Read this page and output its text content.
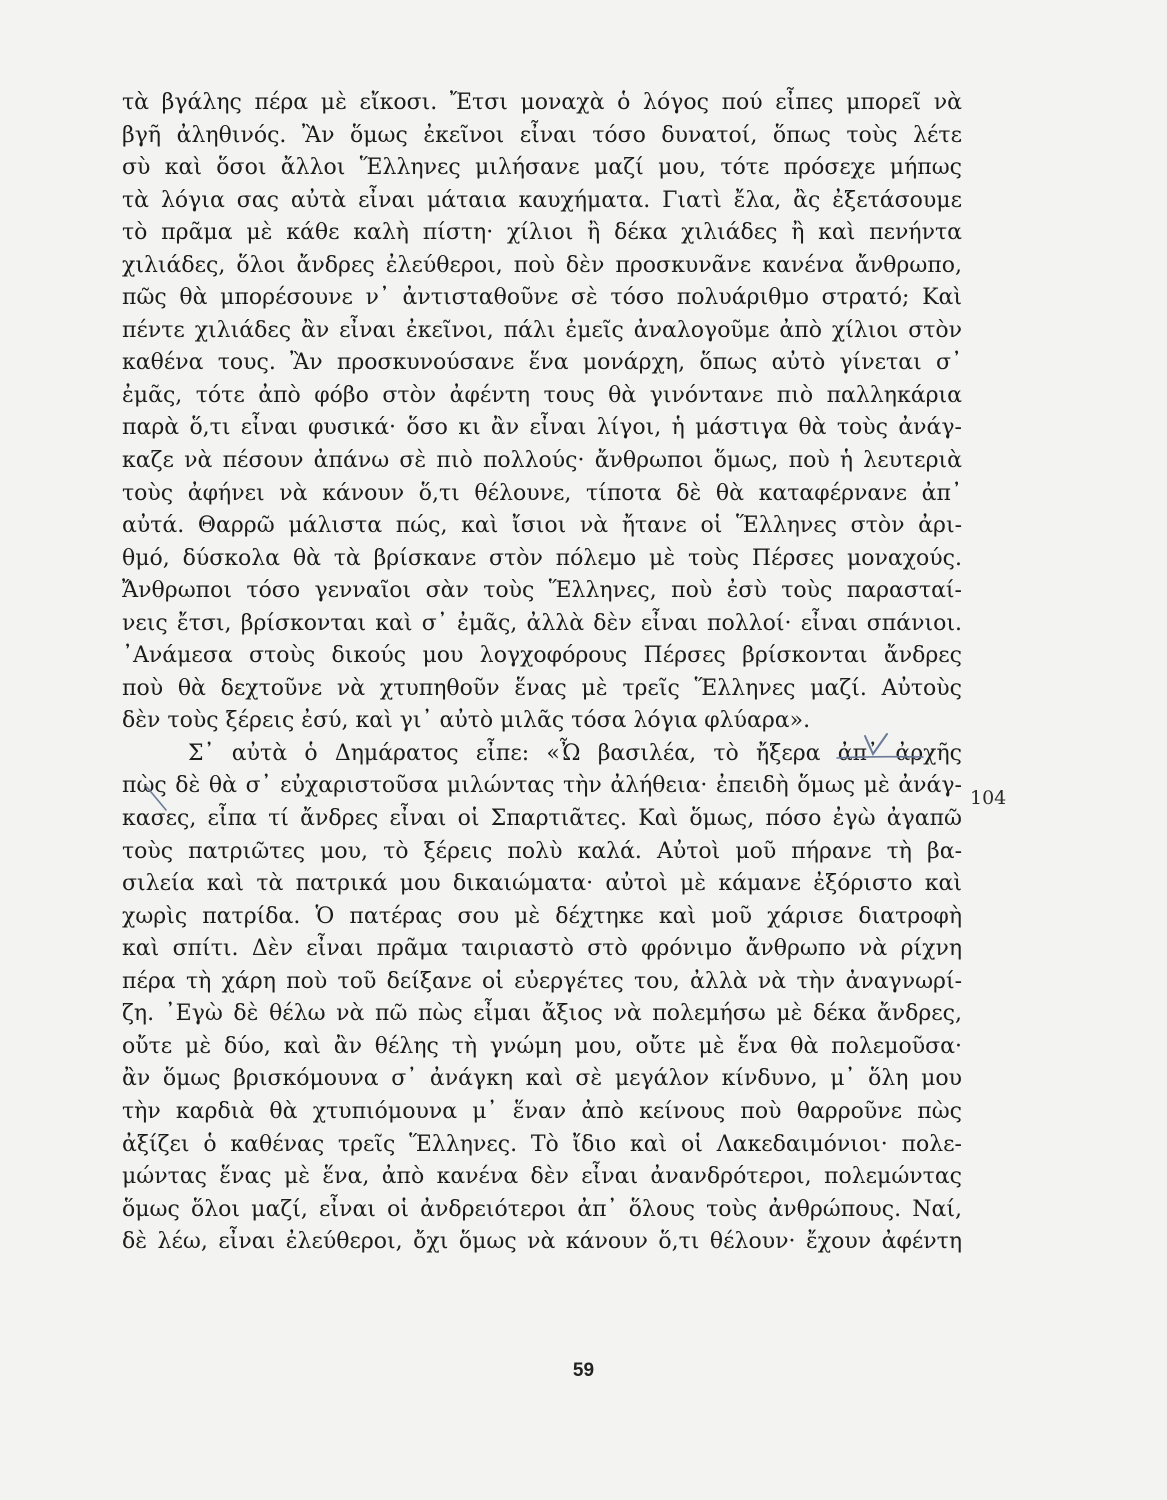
τὰ βγάλης πέρα μὲ εἴκοσι. Ἔτσι μοναχὰ ὁ λόγος πού εἶπες μπορεῖ νὰ
βγῆ ἀληθινός. Ἂν ὅμως ἐκεῖνοι εἶναι τόσο δυνατοί, ὅπως τοὺς λέτε
σὺ καὶ ὅσοι ἄλλοι Ἕλληνες μιλήσανε μαζί μου, τότε πρόσεχε μήπως
τὰ λόγια σας αὐτὰ εἶναι μάταια καυχήματα. Γιατὶ ἔλα, ἂς ἐξετάσουμε
τὸ πρᾶμα μὲ κάθε καλὴ πίστη· χίλιοι ἢ δέκα χιλιάδες ἢ καὶ πενήντα
χιλιάδες, ὅλοι ἄνδρες ἐλεύθεροι, ποὺ δὲν προσκυνᾶνε κανένα ἄνθρωπο,
πῶς θὰ μπορέσουνε ν᾽ ἀντισταθοῦνε σὲ τόσο πολυάριθμο στρατό; Καὶ
πέντε χιλιάδες ἂν εἶναι ἐκεῖνοι, πάλι ἐμεῖς ἀναλογοῦμε ἀπὸ χίλιοι στὸν
καθένα τους. Ἂν προσκυνούσανε ἕνα μονάρχη, ὅπως αὐτὸ γίνεται σ᾽
ἐμᾶς, τότε ἀπὸ φόβο στὸν ἀφέντη τους θὰ γινόντανε πιὸ παλληκάρια
παρὰ ὅ,τι εἶναι φυσικά· ὅσο κι ἂν εἶναι λίγοι, ἡ μάστιγα θὰ τοὺς ἀνάγ-
καζε νὰ πέσουν ἀπάνω σὲ πιὸ πολλούς· ἄνθρωποι ὅμως, ποὺ ἡ λευτεριὰ
τοὺς ἀφήνει νὰ κάνουν ὅ,τι θέλουνε, τίποτα δὲ θὰ καταφέρνανε ἀπ᾽
αὐτά. Θαρρῶ μάλιστα πώς, καὶ ἴσιοι νὰ ἤτανε οἱ Ἕλληνες στὸν ἀρι-
θμό, δύσκολα θὰ τὰ βρίσκανε στὸν πόλεμο μὲ τοὺς Πέρσες μοναχούς.
Ἄνθρωποι τόσο γενναῖοι σὰν τοὺς Ἕλληνες, ποὺ ἐσὺ τοὺς παρασταί-
νεις ἔτσι, βρίσκονται καὶ σ᾽ ἐμᾶς, ἀλλὰ δὲν εἶναι πολλοί· εἶναι σπάνιοι.
᾽Ανάμεσα στοὺς δικούς μου λογχοφόρους Πέρσες βρίσκονται ἄνδρες
ποὺ θὰ δεχτοῦνε νὰ χτυπηθοῦν ἕνας μὲ τρεῖς Ἕλληνες μαζί. Αὐτοὺς
δὲν τοὺς ξέρεις ἐσύ, καὶ γι᾽ αὐτὸ μιλᾶς τόσα λόγια φλύαρα».
Σ᾽ αὐτὰ ὁ Δημάρατος εἶπε: «Ὦ βασιλέα, τὸ ἤξερα ἀπ᾽ ἀρχῆς
πὼς δὲ θὰ σ᾽ εὐχαριστοῦσα μιλώντας τὴν ἀλήθεια· ἐπειδὴ ὅμως μὲ ἀνάγ-
κασες, εἶπα τί ἄνδρες εἶναι οἱ Σπαρτιᾶτες. Καὶ ὅμως, πόσο ἐγὼ ἀγαπῶ
τοὺς πατριῶτες μου, τὸ ξέρεις πολὺ καλά. Αὐτοὶ μοῦ πήρανε τὴ βα-
σιλεία καὶ τὰ πατρικά μου δικαιώματα· αὐτοὶ μὲ κάμανε ἐξόριστο καὶ
χωρὶς πατρίδα. Ὁ πατέρας σου μὲ δέχτηκε καὶ μοῦ χάρισε διατροφὴ
καὶ σπίτι. Δὲν εἶναι πρᾶμα ταιριαστὸ στὸ φρόνιμο ἄνθρωπο νὰ ρίχνη
πέρα τὴ χάρη ποὺ τοῦ δείξανε οἱ εὐεργέτες του, ἀλλὰ νὰ τὴν ἀναγνωρί-
ζη. ᾽Εγὼ δὲ θέλω νὰ πῶ πὼς εἶμαι ἄξιος νὰ πολεμήσω μὲ δέκα ἄνδρες,
οὔτε μὲ δύο, καὶ ἂν θέλης τὴ γνώμη μου, οὔτε μὲ ἕνα θὰ πολεμοῦσα·
ἂν ὅμως βρισκόμουνα σ᾽ ἀνάγκη καὶ σὲ μεγάλον κίνδυνο, μ᾽ ὅλη μου
τὴν καρδιὰ θὰ χτυπιόμουνα μ᾽ ἕναν ἀπὸ κείνους ποὺ θαρροῦνε πὼς
ἀξίζει ὁ καθένας τρεῖς Ἕλληνες. Τὸ ἴδιο καὶ οἱ Λακεδαιμόνιοι· πολε-
μώντας ἕνας μὲ ἕνα, ἀπὸ κανένα δὲν εἶναι ἀνανδρότεροι, πολεμώντας
ὅμως ὅλοι μαζί, εἶναι οἱ ἀνδρειότεροι ἀπ᾽ ὅλους τοὺς ἀνθρώπους. Ναί,
δὲ λέω, εἶναι ἐλεύθεροι, ὄχι ὅμως νὰ κάνουν ὅ,τι θέλουν· ἔχουν ἀφέντη
104
59
